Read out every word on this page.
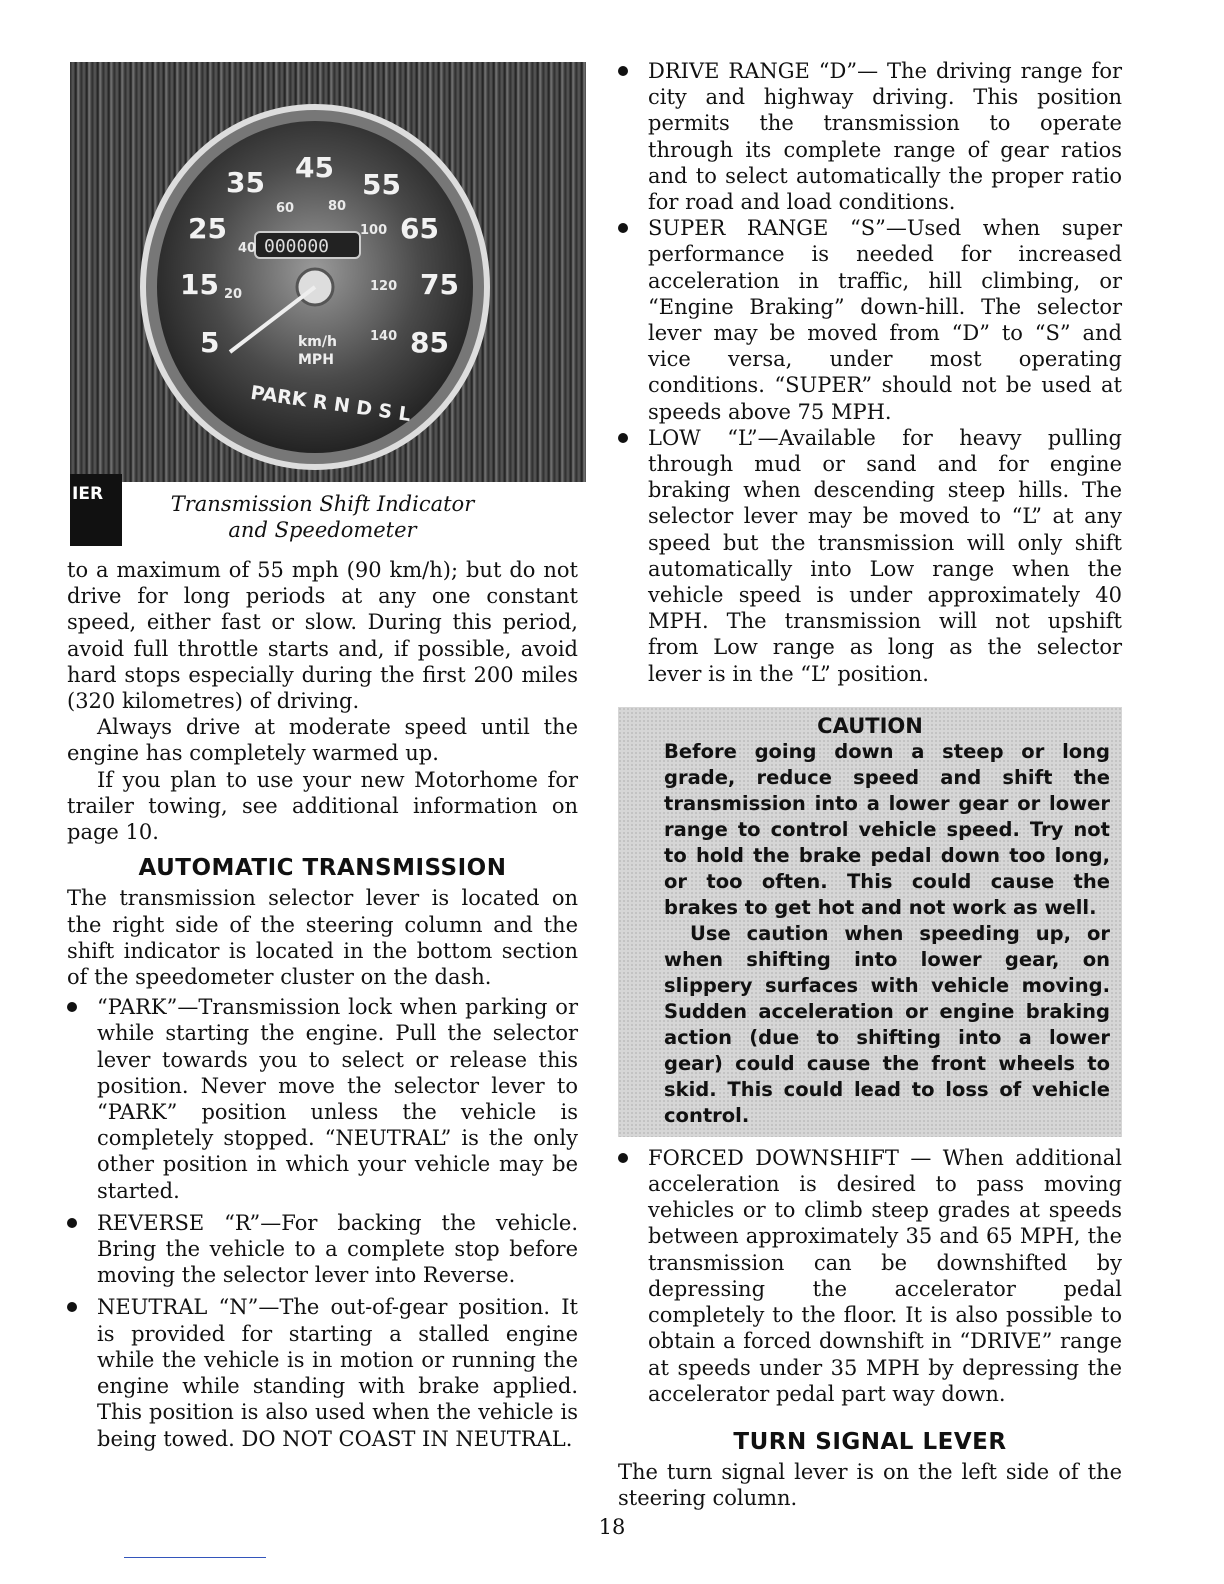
000000
5
15
25
35 45
55
65
75
85
20
40
60	80
100
120
140
km/h
MPH
PARK R N D S L
IER	Transmission Shift Indicator
and Speedometer

to a maximum of 55 mph (90 km/h); but do not drive for long periods at any one constant speed, either fast or slow. During this period, avoid full throttle starts and, if possible, avoid hard stops especially during the first 200 miles (320 kilometres) of driving.

Always drive at moderate speed until the engine has completely warmed up.

If you plan to use your new Motorhome for trailer towing, see additional information on page 10.

AUTOMATIC TRANSMISSION

The transmission selector lever is located on the right side of the steering column and the shift indicator is located in the bottom section of the speedometer cluster on the dash.

“PARK”—Transmission lock when parking or while starting the engine. Pull the selector lever towards you to select or release this position. Never move the selector lever to “PARK” position unless the vehicle is completely stopped. “NEUTRAL” is the only other position in which your vehicle may be started.
REVERSE “R”—For backing the vehicle. Bring the vehicle to a complete stop before moving the selector lever into Reverse.
NEUTRAL “N”—The out-of-gear position. It is provided for starting a stalled engine while the vehicle is in motion or running the engine while standing with brake applied. This position is also used when the vehicle is being towed. DO NOT COAST IN NEUTRAL.
DRIVE RANGE “D”— The driving range for city and highway driving. This position permits the transmission to operate through its complete range of gear ratios and to select automatically the proper ratio for road and load conditions.
SUPER RANGE “S”—Used when super performance is needed for increased acceleration in traffic, hill climbing, or “Engine Braking” down-hill. The selector lever may be moved from “D” to “S” and vice versa, under most operating conditions. “SUPER” should not be used at speeds above 75 MPH.
LOW “L”—Available for heavy pulling through mud or sand and for engine braking when descending steep hills. The selector lever may be moved to “L” at any speed but the transmission will only shift automatically into Low range when the vehicle speed is under approximately 40 MPH. The transmission will not upshift from Low range as long as the selector lever is in the “L” position.
CAUTION

Before going down a steep or long grade, reduce speed and shift the transmission into a lower gear or lower range to control vehicle speed. Try not to hold the brake pedal down too long, or too often. This could cause the brakes to get hot and not work as well.

Use caution when speeding up, or when shifting into lower gear, on slippery surfaces with vehicle moving. Sudden acceleration or engine braking action (due to shifting into a lower gear) could cause the front wheels to skid. This could lead to loss of vehicle control.

FORCED DOWNSHIFT — When additional acceleration is desired to pass moving vehicles or to climb steep grades at speeds between approximately 35 and 65 MPH, the transmission can be downshifted by depressing the accelerator pedal completely to the floor. It is also possible to obtain a forced downshift in “DRIVE” range at speeds under 35 MPH by depressing the accelerator pedal part way down.
TURN SIGNAL LEVER

The turn signal lever is on the left side of the steering column.

18
